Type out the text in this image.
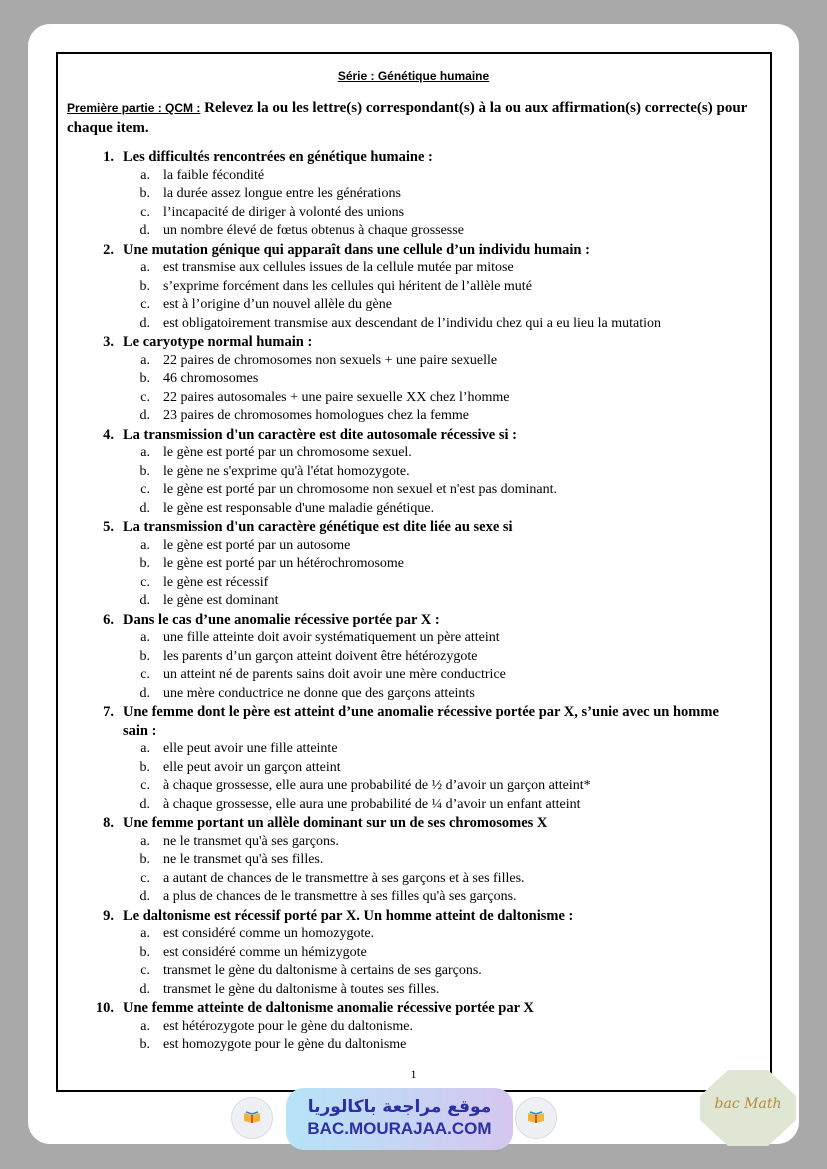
Série : Génétique humaine
Première partie : QCM : Relevez la ou les lettre(s) correspondant(s) à la ou aux affirmation(s) correcte(s) pour chaque item.
1. Les difficultés rencontrées en génétique humaine :
a. la faible fécondité
b. la durée assez longue entre les générations
c. l’incapacité de diriger à volonté des unions
d. un nombre élevé de fœtus obtenus à chaque grossesse
2. Une mutation génique qui apparaît dans une cellule d’un individu humain :
a. est transmise aux cellules issues de la cellule mutée par mitose
b. s’exprime forcément dans les cellules qui héritent de l’allèle muté
c. est à l’origine d’un nouvel allèle du gène
d. est obligatoirement transmise aux descendant de l’individu chez qui a eu lieu la mutation
3. Le caryotype normal humain :
a. 22 paires de chromosomes non sexuels + une paire sexuelle
b. 46 chromosomes
c. 22 paires autosomales + une paire sexuelle XX chez l’homme
d. 23 paires de chromosomes homologues chez la femme
4. La transmission d'un caractère est dite autosomale récessive si :
a. le gène est porté par un chromosome sexuel.
b. le gène ne s'exprime qu'à l'état homozygote.
c. le gène est porté par un chromosome non sexuel et n'est pas dominant.
d. le gène est responsable d'une maladie génétique.
5. La transmission d'un caractère génétique est dite liée au sexe si
a. le gène est porté par un autosome
b. le gène est porté par un hétérochromosome
c. le gène est récessif
d. le gène est dominant
6. Dans le cas d’une anomalie récessive portée par X :
a. une fille atteinte doit avoir systématiquement un père atteint
b. les parents d’un garçon atteint doivent être hétérozygote
c. un atteint né de parents sains doit avoir une mère conductrice
d. une mère conductrice ne donne que des garçons atteints
7. Une femme dont le père est atteint d’une anomalie récessive portée par X, s’unie avec un homme sain :
a. elle peut avoir une fille atteinte
b. elle peut avoir un garçon atteint
c. à chaque grossesse, elle aura une probabilité de ½ d’avoir un garçon atteint*
d. à chaque grossesse, elle aura une probabilité de ¼ d’avoir un enfant atteint
8. Une femme portant un allèle dominant sur un de ses chromosomes X
a. ne le transmet qu'à ses garçons.
b. ne le transmet qu'à ses filles.
c. a autant de chances de le transmettre à ses garçons et à ses filles.
d. a plus de chances de le transmettre à ses filles qu'à ses garçons.
9. Le daltonisme est récessif porté par X. Un homme atteint de daltonisme :
a. est considéré comme un homozygote.
b. est considéré comme un hémizygote
c. transmet le gène du daltonisme à certains de ses garçons.
d. transmet le gène du daltonisme à toutes ses filles.
10. Une femme atteinte de daltonisme anomalie récessive portée par X
a. est hétérozygote pour le gène du daltonisme.
b. est homozygote pour le gène du daltonisme
1
موقع مراجعة باكالوريا
BAC.MOURAJAA.COM
bac Math
